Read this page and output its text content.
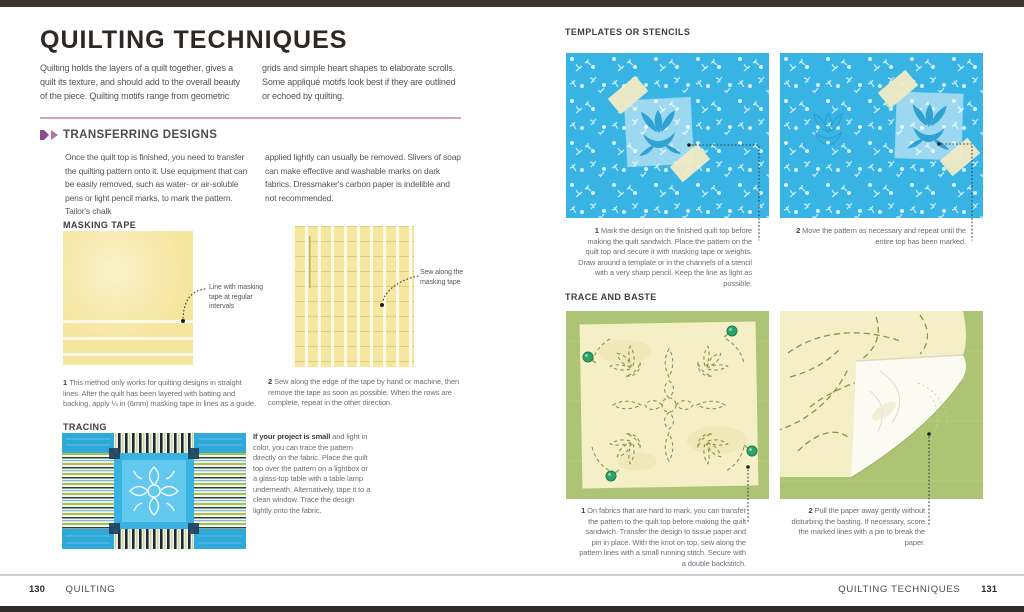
QUILTING TECHNIQUES
Quilting holds the layers of a quilt together, gives a quilt its texture, and should add to the overall beauty of the piece. Quilting motifs range from geometric
grids and simple heart shapes to elaborate scrolls. Some appliqué motifs look best if they are outlined or echoed by quilting.
TRANSFERRING DESIGNS
Once the quilt top is finished, you need to transfer the quilting pattern onto it. Use equipment that can be easily removed, such as water- or air-soluble pens or light pencil marks, to mark the pattern. Tailor's chalk
applied lightly can usually be removed. Slivers of soap can make effective and washable marks on dark fabrics. Dressmaker's carbon paper is indelible and not recommended.
MASKING TAPE
Line with masking tape at regular intervals
1 This method only works for quilting designs in straight lines. After the quilt has been layered with batting and backing, apply ¼ in (6mm) masking tape in lines as a guide.
Sew along the masking tape
2 Sew along the edge of the tape by hand or machine, then remove the tape as soon as possible. When the rows are complete, repeat in the other direction.
TRACING
If your project is small and light in color, you can trace the pattern directly on the fabric. Place the quilt top over the pattern on a lightbox or a glass-top table with a table lamp underneath. Alternatively, tape it to a clean window. Trace the design lightly onto the fabric.
TEMPLATES OR STENCILS
1 Mark the design on the finished quilt top before making the quilt sandwich. Place the pattern on the quilt top and secure it with masking tape or weights. Draw around a template or in the channels of a stencil with a very sharp pencil. Keep the line as light as possible.
2 Move the pattern as necessary and repeat until the entire top has been marked.
TRACE AND BASTE
1 On fabrics that are hard to mark, you can transfer the pattern to the quilt top before making the quilt sandwich. Transfer the design to tissue paper and pin in place. With the knot on top, sew along the pattern lines with a small running stitch. Secure with a double backstitch.
2 Pull the paper away gently without disturbing the basting. If necessary, score the marked lines with a pin to break the paper.
130 QUILTING	QUILTING TECHNIQUES 131
